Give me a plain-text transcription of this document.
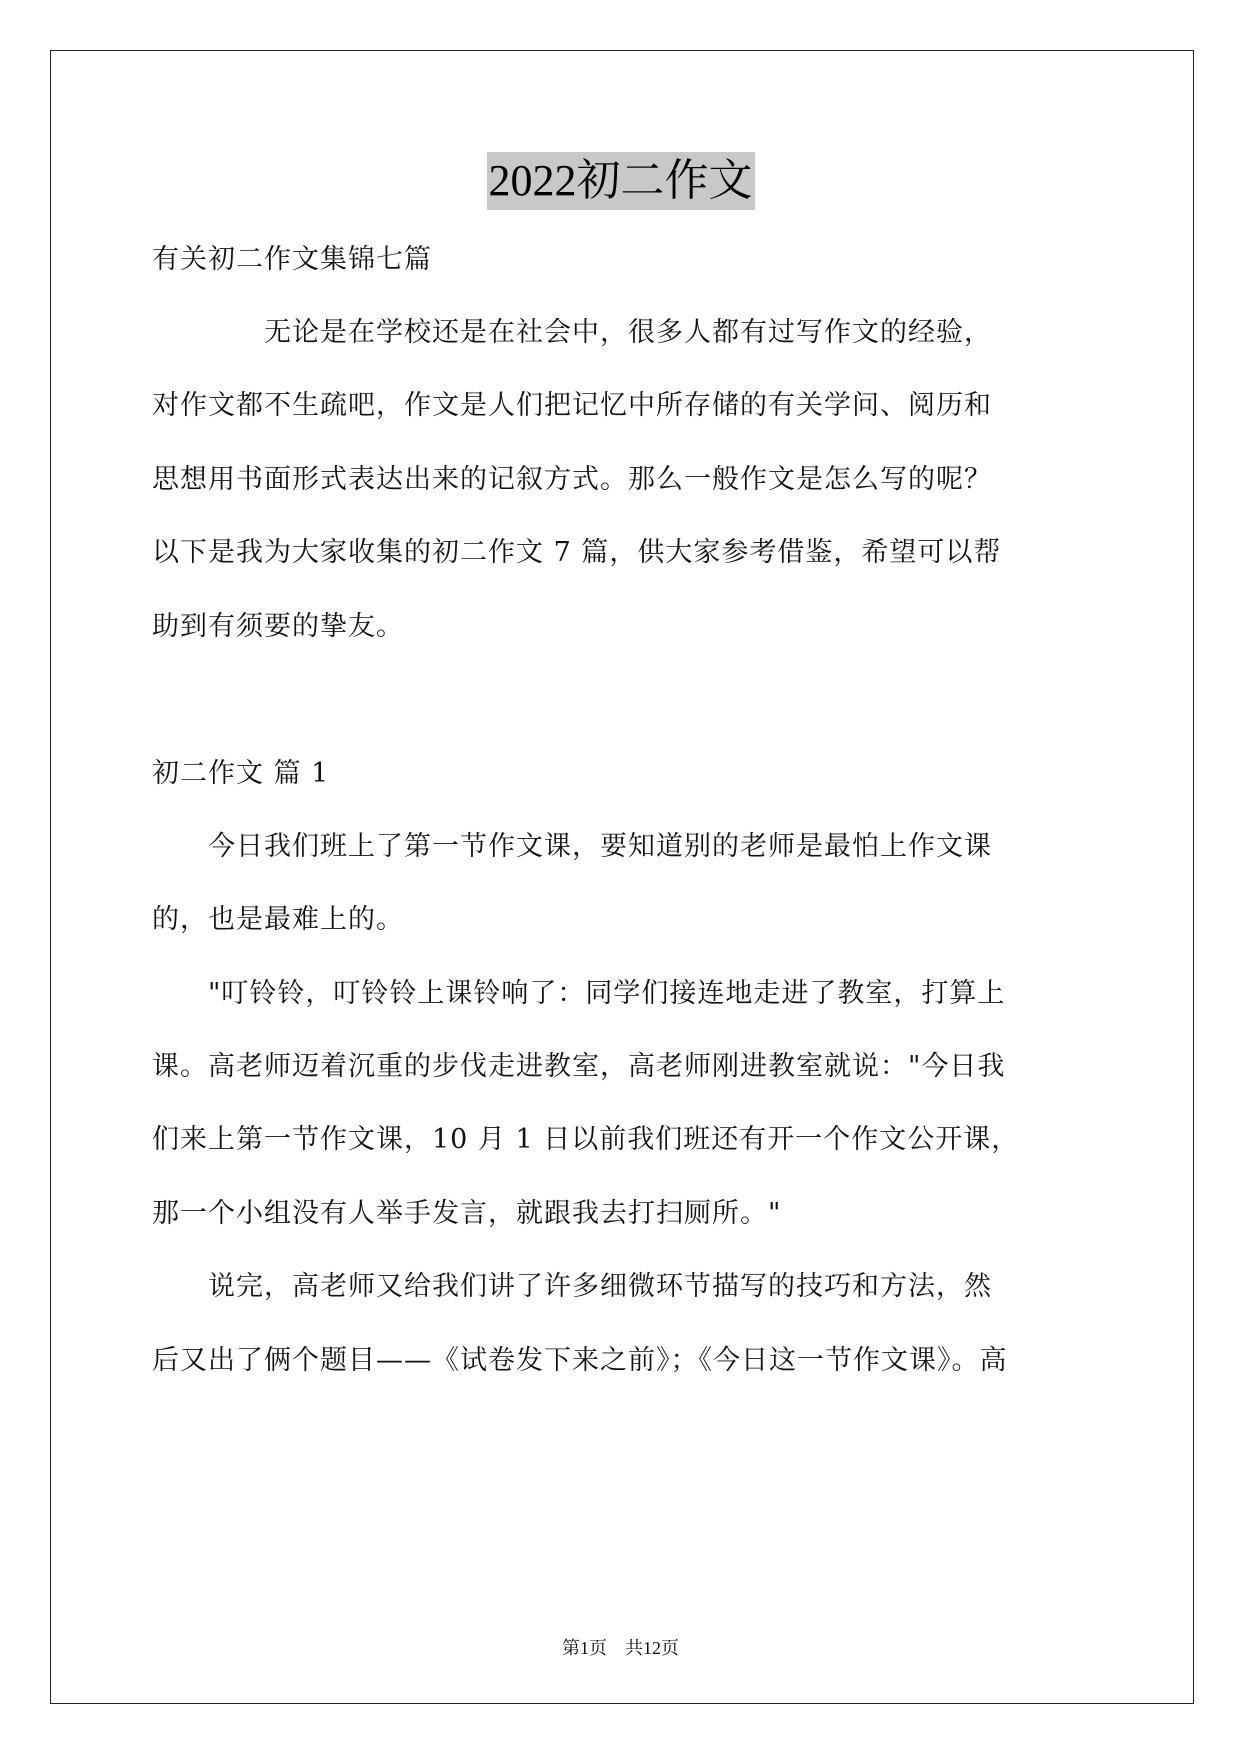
2022初二作文
有关初二作文集锦七篇
　　　　无论是在学校还是在社会中，很多人都有过写作文的经验，
对作文都不生疏吧，作文是人们把记忆中所存储的有关学问、阅历和
思想用书面形式表达出来的记叙方式。那么一般作文是怎么写的呢？
以下是我为大家收集的初二作文 7 篇，供大家参考借鉴，希望可以帮
助到有须要的挚友。
初二作文 篇 1
　　今日我们班上了第一节作文课，要知道别的老师是最怕上作文课
的，也是最难上的。
　　"叮铃铃，叮铃铃上课铃响了：同学们接连地走进了教室，打算上
课。高老师迈着沉重的步伐走进教室，高老师刚进教室就说："今日我
们来上第一节作文课，10 月 1 日以前我们班还有开一个作文公开课，
那一个小组没有人举手发言，就跟我去打扫厕所。"
　　说完，高老师又给我们讲了许多细微环节描写的技巧和方法，然
后又出了俩个题目——《试卷发下来之前》；《今日这一节作文课》。高
第1页　共12页
